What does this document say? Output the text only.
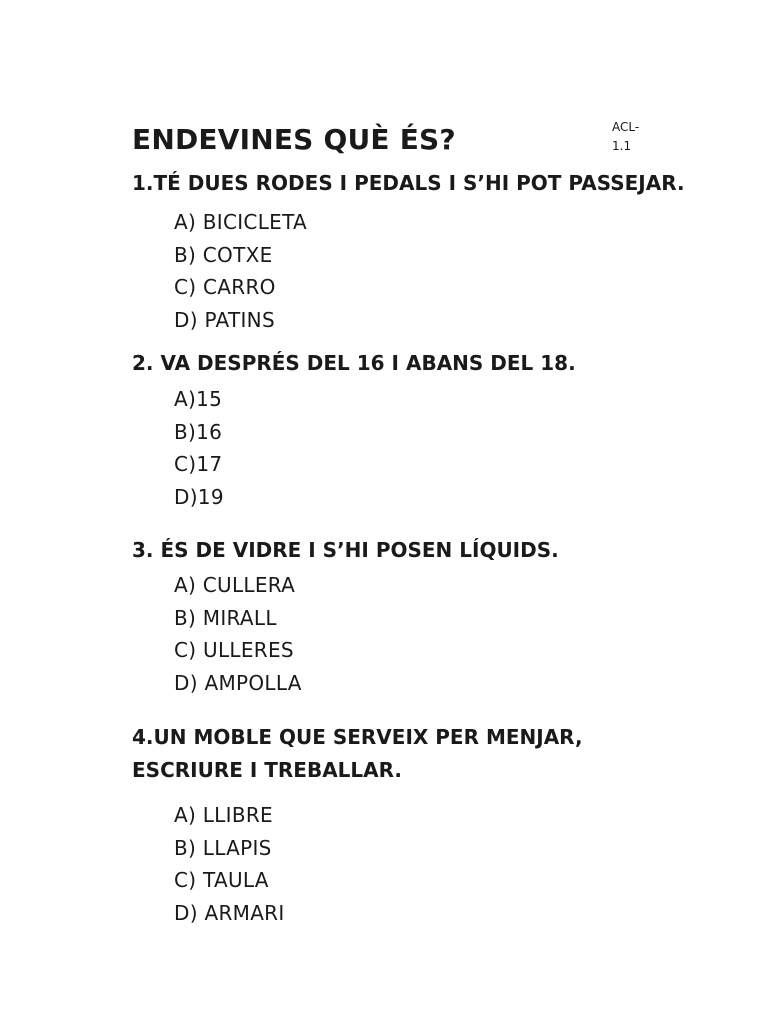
ENDEVINES QUÈ ÉS?	ACL-1.1

1.TÉ DUES RODES I PEDALS I S’HI POT PASSEJAR.

A) BICICLETA
B) COTXE
C) CARRO
D) PATINS

2. VA DESPRÉS DEL 16 I ABANS DEL 18.

A)15
B)16
C)17
D)19

3. ÉS DE VIDRE I S’HI POSEN LÍQUIDS.

A) CULLERA
B) MIRALL
C) ULLERES
D) AMPOLLA

4.UN MOBLE QUE SERVEIX PER MENJAR, ESCRIURE I TREBALLAR.

A) LLIBRE
B) LLAPIS
C) TAULA
D) ARMARI
